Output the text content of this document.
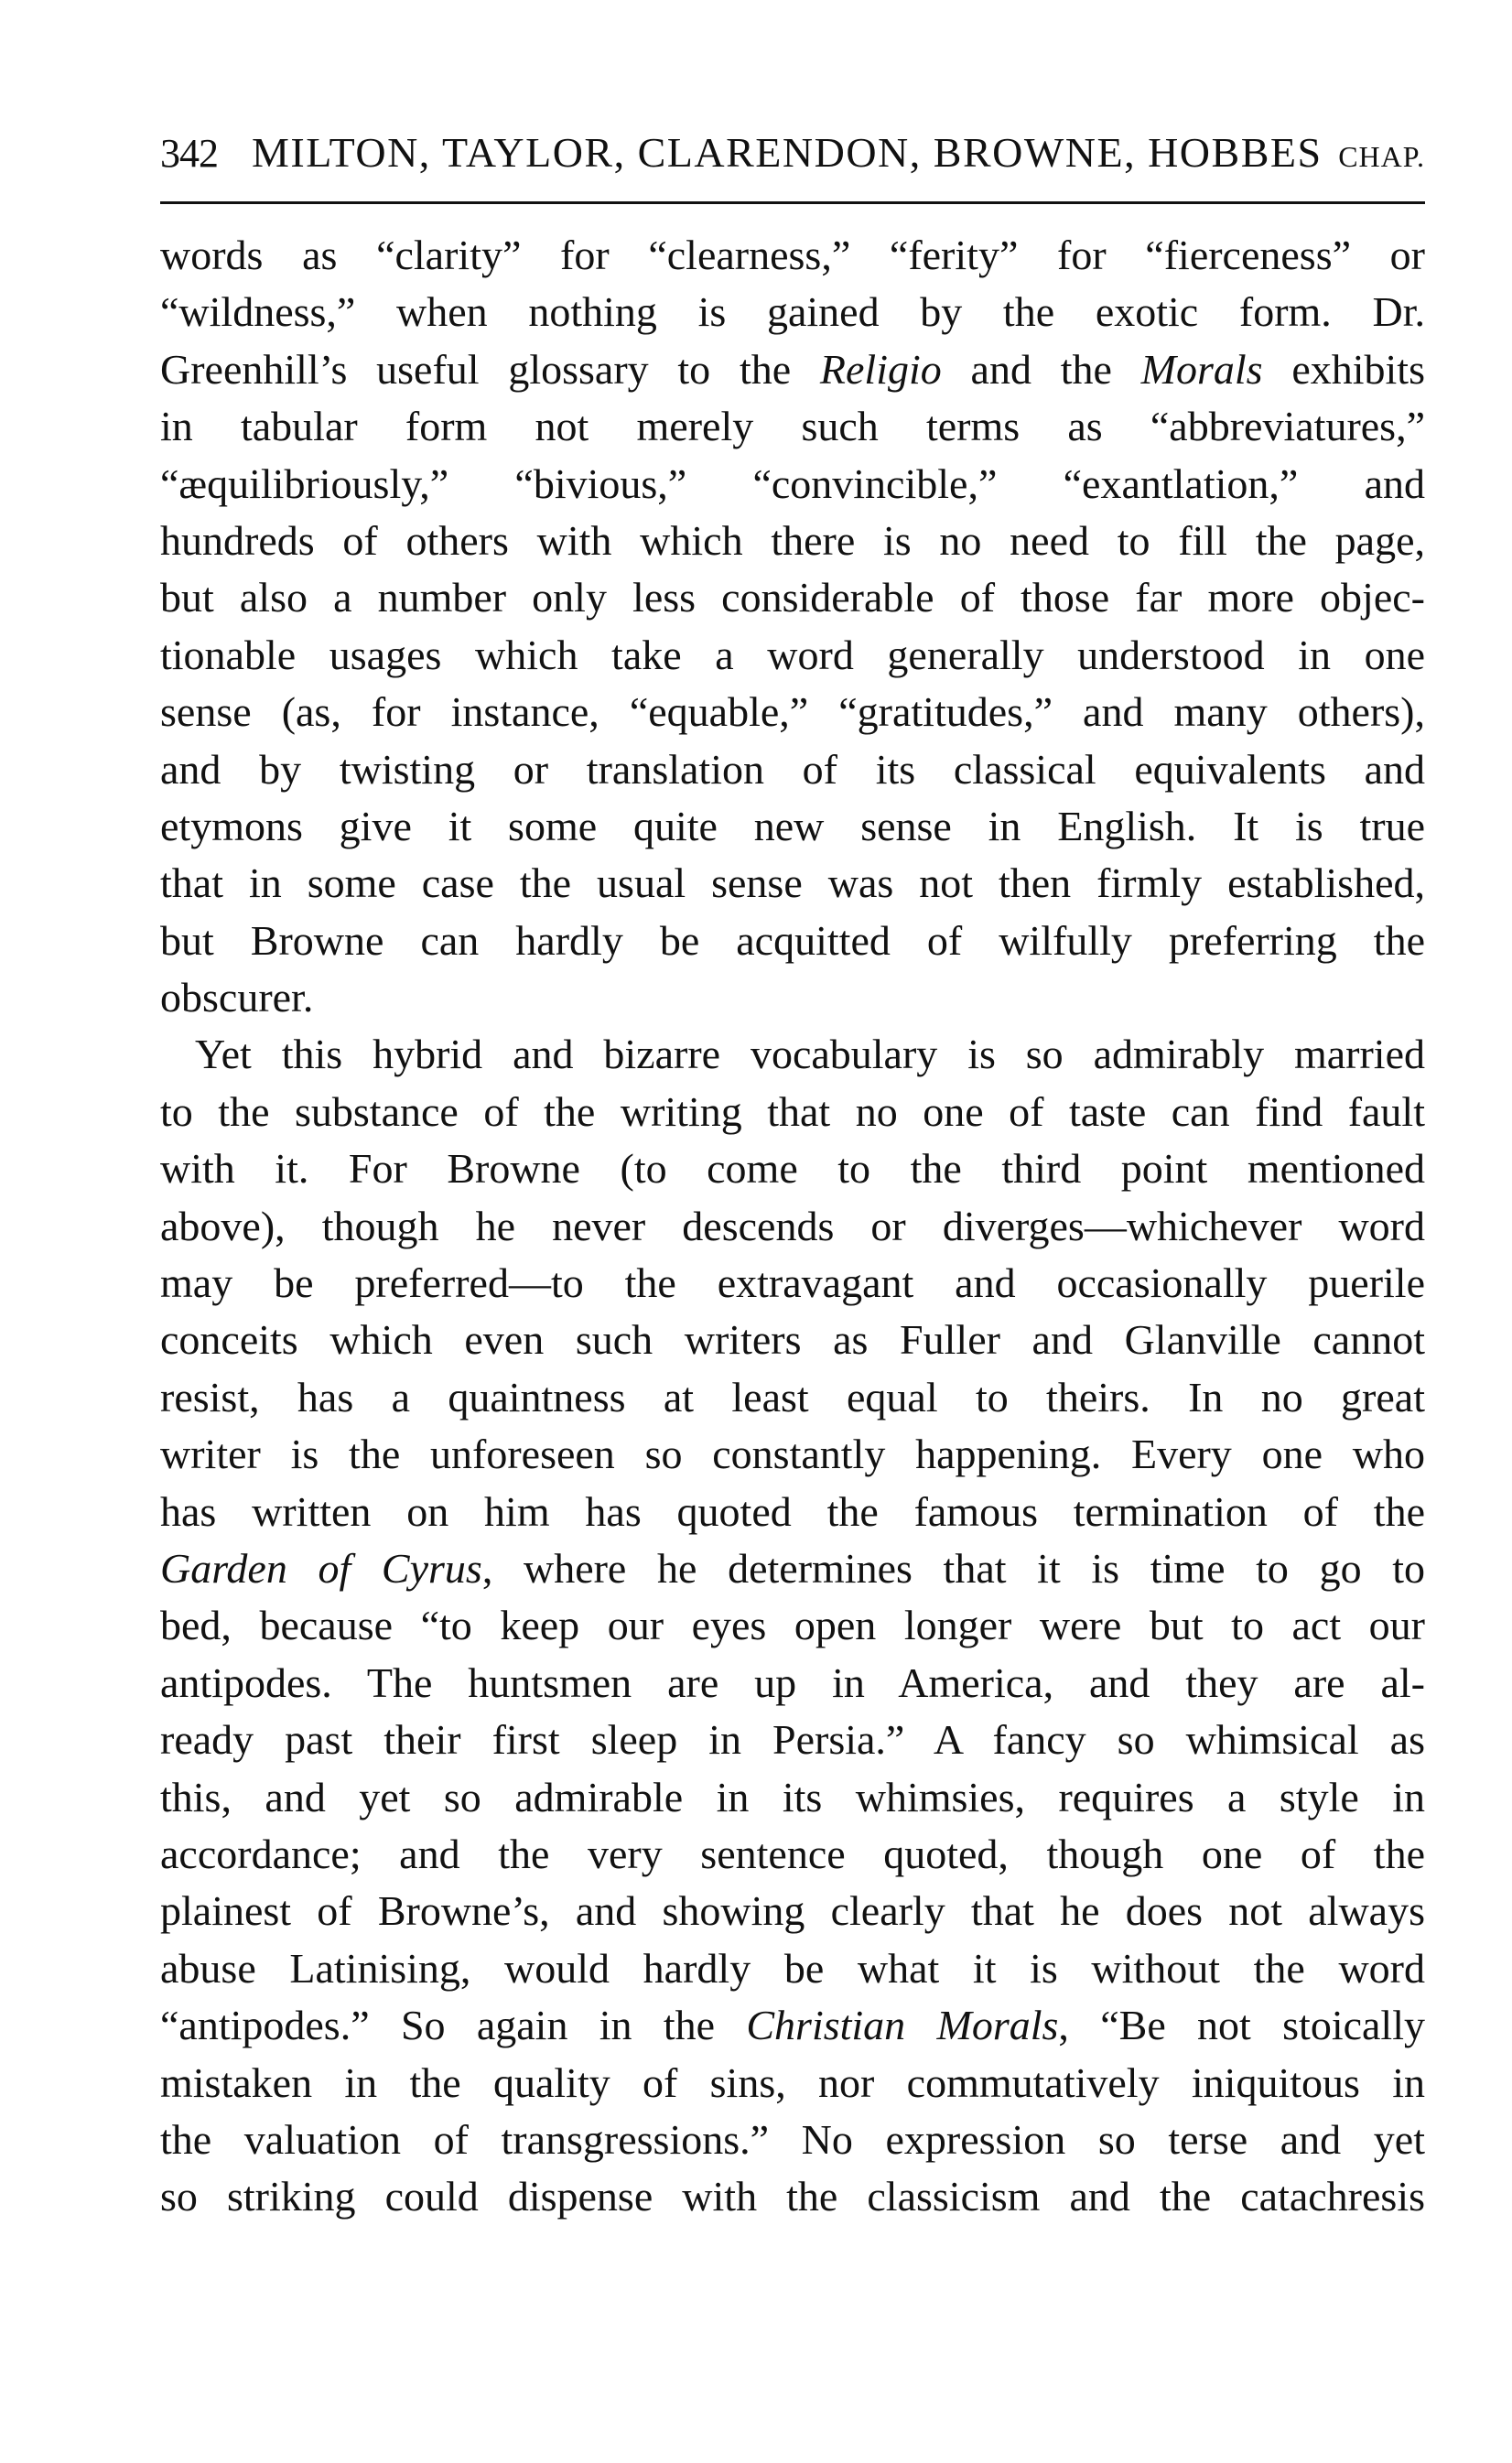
342 MILTON, TAYLOR, CLARENDON, BROWNE, HOBBES CHAP.
words as “clarity” for “clearness,” “ferity” for “fierceness” or
“wildness,” when nothing is gained by the exotic form. Dr.
Greenhill’s useful glossary to the Religio and the Morals exhibits
in tabular form not merely such terms as “abbreviatures,”
“æquilibriously,” “bivious,” “convincible,” “exantlation,” and
hundreds of others with which there is no need to fill the page,
but also a number only less considerable of those far more objec-
tionable usages which take a word generally understood in one
sense (as, for instance, “equable,” “gratitudes,” and many others),
and by twisting or translation of its classical equivalents and
etymons give it some quite new sense in English. It is true
that in some case the usual sense was not then firmly established,
but Browne can hardly be acquitted of wilfully preferring the
obscurer.
Yet this hybrid and bizarre vocabulary is so admirably married
to the substance of the writing that no one of taste can find fault
with it. For Browne (to come to the third point mentioned
above), though he never descends or diverges—whichever word
may be preferred—to the extravagant and occasionally puerile
conceits which even such writers as Fuller and Glanville cannot
resist, has a quaintness at least equal to theirs. In no great
writer is the unforeseen so constantly happening. Every one who
has written on him has quoted the famous termination of the
Garden of Cyrus, where he determines that it is time to go to
bed, because “to keep our eyes open longer were but to act our
antipodes. The huntsmen are up in America, and they are al-
ready past their first sleep in Persia.” A fancy so whimsical as
this, and yet so admirable in its whimsies, requires a style in
accordance; and the very sentence quoted, though one of the
plainest of Browne’s, and showing clearly that he does not always
abuse Latinising, would hardly be what it is without the word
“antipodes.” So again in the Christian Morals, “Be not stoically
mistaken in the quality of sins, nor commutatively iniquitous in
the valuation of transgressions.” No expression so terse and yet
so striking could dispense with the classicism and the catachresis
